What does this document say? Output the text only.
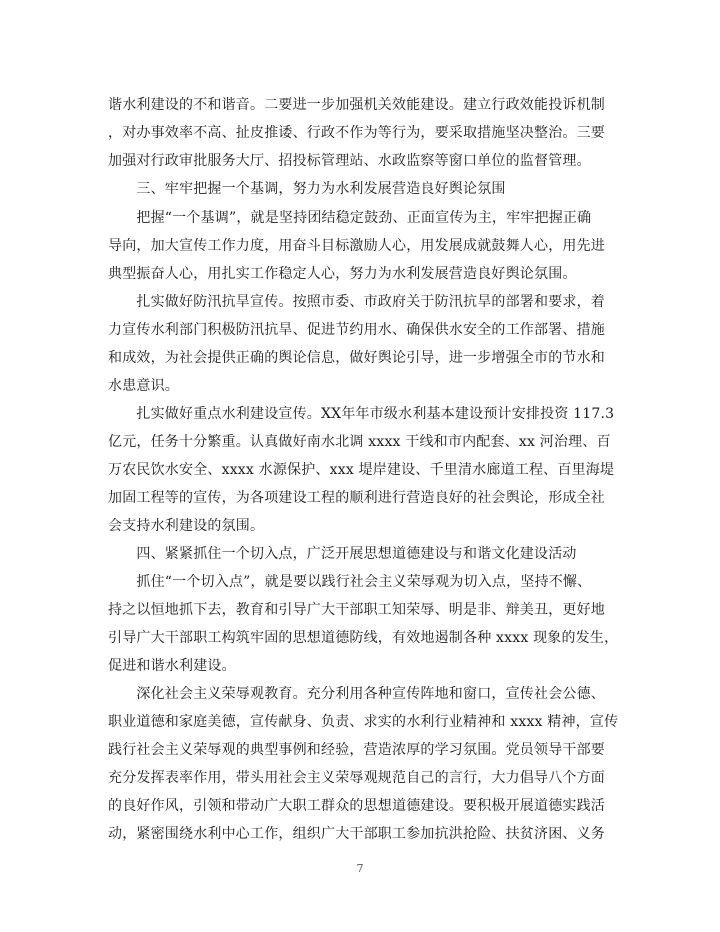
谐水利建设的不和谐音。二要进一步加强机关效能建设。建立行政效能投诉机制
，对办事效率不高、扯皮推诿、行政不作为等行为，要采取措施坚决整治。三要
加强对行政审批服务大厅、招投标管理站、水政监察等窗口单位的监督管理。
　　三、牢牢把握一个基调，努力为水利发展营造良好舆论氛围
　　把握“一个基调”，就是坚持团结稳定鼓劲、正面宣传为主，牢牢把握正确
导向，加大宣传工作力度，用奋斗目标激励人心，用发展成就鼓舞人心，用先进
典型振奋人心，用扎实工作稳定人心，努力为水利发展营造良好舆论氛围。
　　扎实做好防汛抗旱宣传。按照市委、市政府关于防汛抗旱的部署和要求，着
力宣传水利部门积极防汛抗旱、促进节约用水、确保供水安全的工作部署、措施
和成效，为社会提供正确的舆论信息，做好舆论引导，进一步增强全市的节水和
水患意识。
　　扎实做好重点水利建设宣传。XX年年市级水利基本建设预计安排投资 117.3
亿元，任务十分繁重。认真做好南水北调 xxxx 干线和市内配套、xx 河治理、百
万农民饮水安全、xxxx 水源保护、xxx 堤岸建设、千里清水廊道工程、百里海堤
加固工程等的宣传，为各项建设工程的顺利进行营造良好的社会舆论，形成全社
会支持水利建设的氛围。
　　四、紧紧抓住一个切入点，广泛开展思想道德建设与和谐文化建设活动
　　抓住“一个切入点”，就是要以践行社会主义荣辱观为切入点，坚持不懈、
持之以恒地抓下去，教育和引导广大干部职工知荣辱、明是非、辩美丑，更好地
引导广大干部职工构筑牢固的思想道德防线，有效地遏制各种 xxxx 现象的发生，
促进和谐水利建设。
　　深化社会主义荣辱观教育。充分利用各种宣传阵地和窗口，宣传社会公德、
职业道德和家庭美德，宣传献身、负责、求实的水利行业精神和 xxxx 精神，宣传
践行社会主义荣辱观的典型事例和经验，营造浓厚的学习氛围。党员领导干部要
充分发挥表率作用，带头用社会主义荣辱观规范自己的言行，大力倡导八个方面
的良好作风，引领和带动广大职工群众的思想道德建设。要积极开展道德实践活
动，紧密围绕水利中心工作，组织广大干部职工参加抗洪抢险、扶贫济困、义务
7
